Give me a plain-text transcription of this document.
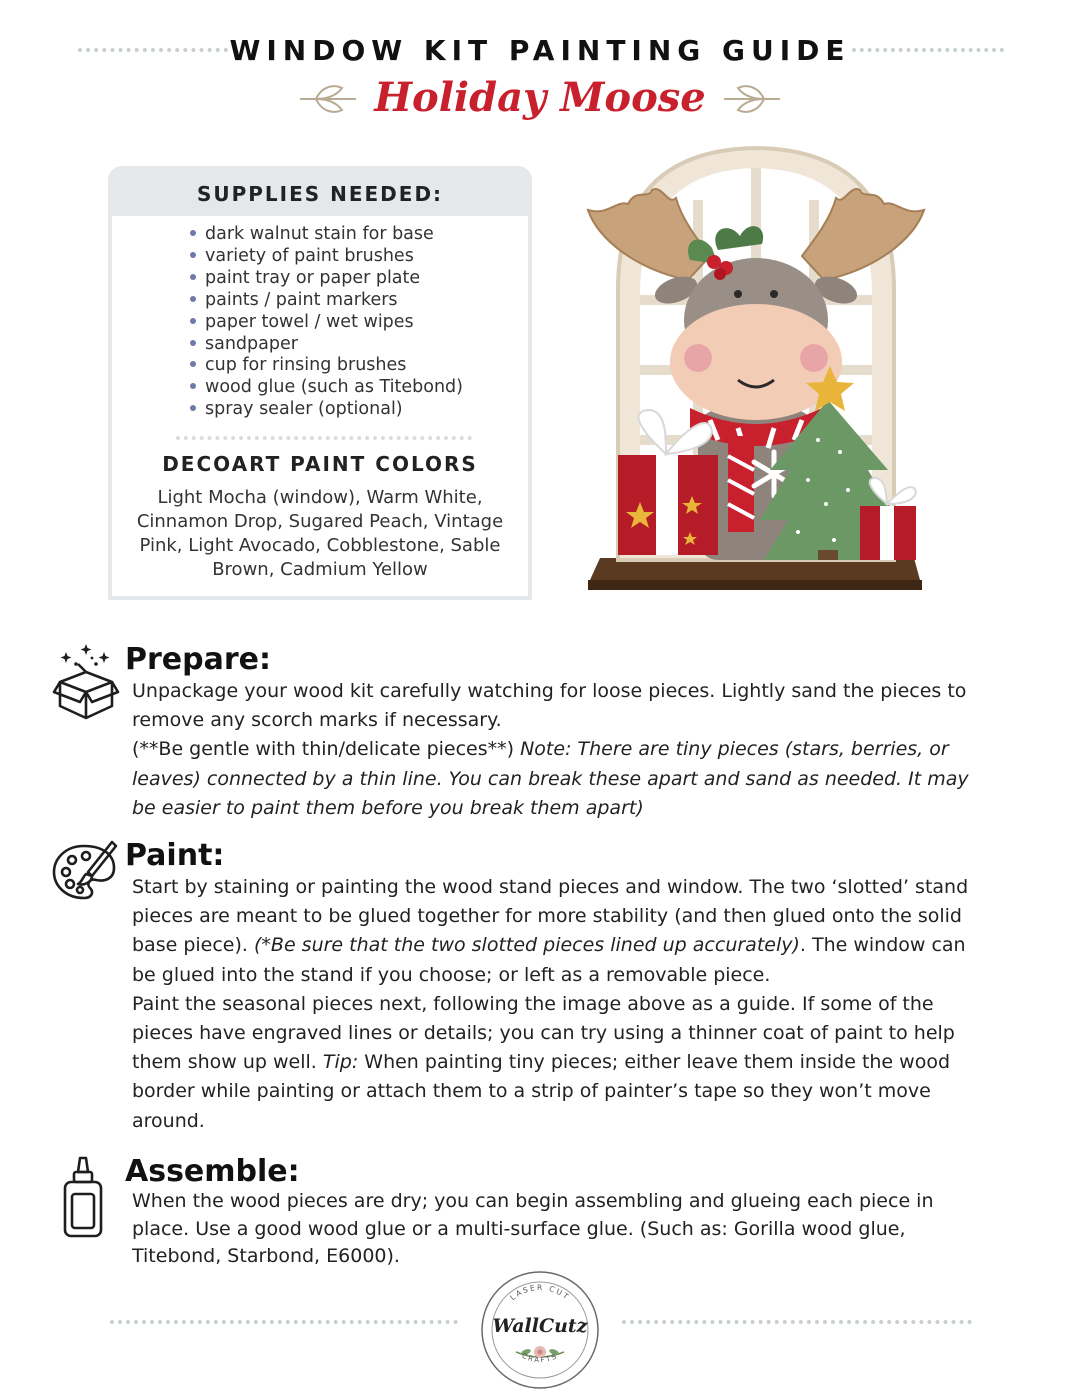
WINDOW KIT PAINTING GUIDE
Holiday Moose
SUPPLIES NEEDED:
dark walnut stain for base
variety of paint brushes
paint tray or paper plate
paints / paint markers
paper towel / wet wipes
sandpaper
cup for rinsing brushes
wood glue (such as Titebond)
spray sealer (optional)
DECOART PAINT COLORS
Light Mocha (window), Warm White, Cinnamon Drop, Sugared Peach, Vintage Pink, Light Avocado, Cobblestone, Sable Brown, Cadmium Yellow
Prepare:
Unpackage your wood kit carefully watching for loose pieces. Lightly sand the pieces to remove any scorch marks if necessary.
(**Be gentle with thin/delicate pieces**) Note: There are tiny pieces (stars, berries, or leaves) connected by a thin line. You can break these apart and sand as needed. It may be easier to paint them before you break them apart)
Paint:
Start by staining or painting the wood stand pieces and window. The two ‘slotted’ stand pieces are meant to be glued together for more stability (and then glued onto the solid base piece). (*Be sure that the two slotted pieces lined up accurately). The window can be glued into the stand if you choose; or left as a removable piece.
Paint the seasonal pieces next, following the image above as a guide. If some of the pieces have engraved lines or details; you can try using a thinner coat of paint to help them show up well. Tip: When painting tiny pieces; either leave them inside the wood border while painting or attach them to a strip of painter’s tape so they won’t move around.
Assemble:
When the wood pieces are dry; you can begin assembling and glueing each piece in place. Use a good wood glue or a multi-surface glue. (Such as: Gorilla wood glue, Titebond, Starbond, E6000).
LASER CUT
WallCutz
CRAFTS
